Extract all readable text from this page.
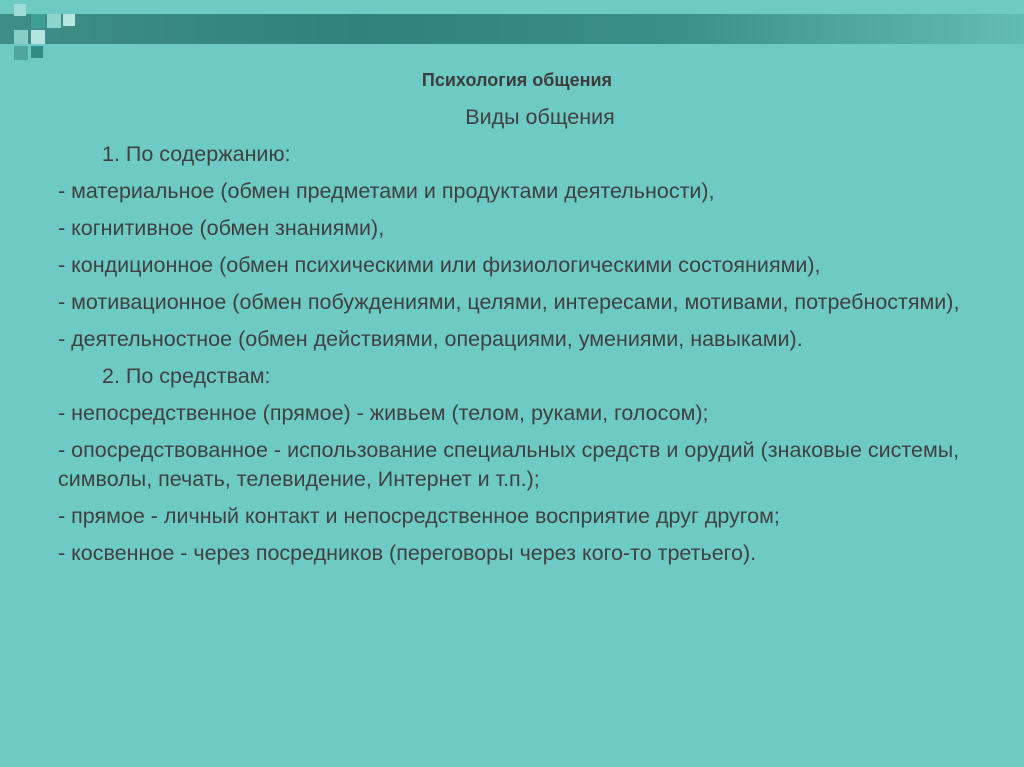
Психология общения
Виды общения
1. По содержанию:
- материальное (обмен предметами и продуктами деятельности),
- когнитивное (обмен знаниями),
- кондиционное (обмен психическими или физиологическими состояниями),
- мотивационное (обмен побуждениями, целями, интересами, мотивами, потребностями),
- деятельностное (обмен действиями, операциями, умениями, навыками).
2. По средствам:
- непосредственное (прямое) - живьем (телом, руками, голосом);
- опосредствованное - использование специальных средств и орудий (знаковые системы, символы, печать, телевидение, Интернет и т.п.);
- прямое - личный контакт и непосредственное восприятие друг другом;
- косвенное - через посредников (переговоры через кого-то третьего).
